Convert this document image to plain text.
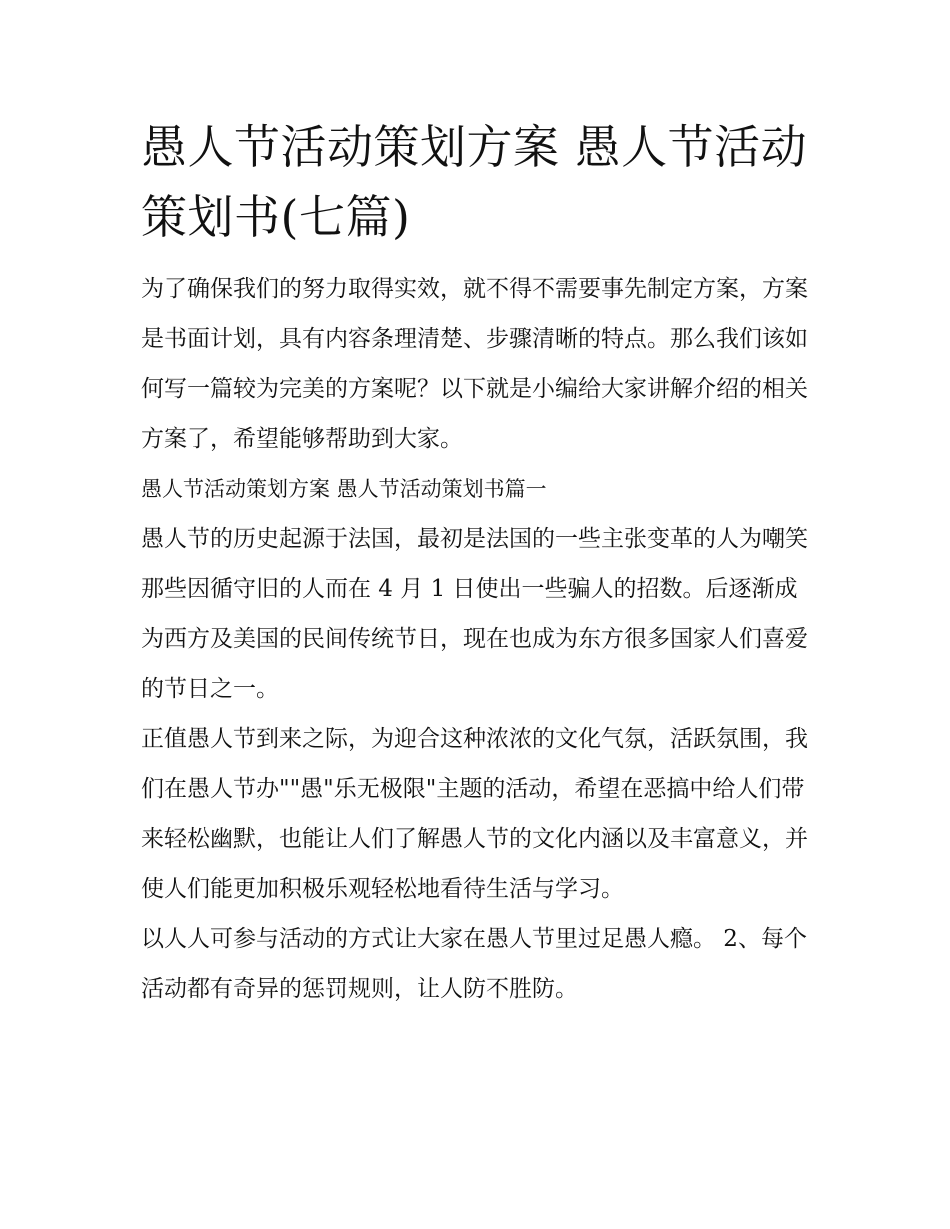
愚人节活动策划方案 愚人节活动策划书(七篇)

为了确保我们的努力取得实效，就不得不需要事先制定方案，方案是书面计划，具有内容条理清楚、步骤清晰的特点。那么我们该如何写一篇较为完美的方案呢？以下就是小编给大家讲解介绍的相关方案了，希望能够帮助到大家。

愚人节活动策划方案 愚人节活动策划书篇一

愚人节的历史起源于法国，最初是法国的一些主张变革的人为嘲笑那些因循守旧的人而在 4 月 1 日使出一些骗人的招数。后逐渐成为西方及美国的民间传统节日，现在也成为东方很多国家人们喜爱的节日之一。

正值愚人节到来之际，为迎合这种浓浓的文化气氛，活跃氛围，我们在愚人节办""愚"乐无极限"主题的活动，希望在恶搞中给人们带来轻松幽默，也能让人们了解愚人节的文化内涵以及丰富意义，并使人们能更加积极乐观轻松地看待生活与学习。

以人人可参与活动的方式让大家在愚人节里过足愚人瘾。 2、每个活动都有奇异的惩罚规则，让人防不胜防。
